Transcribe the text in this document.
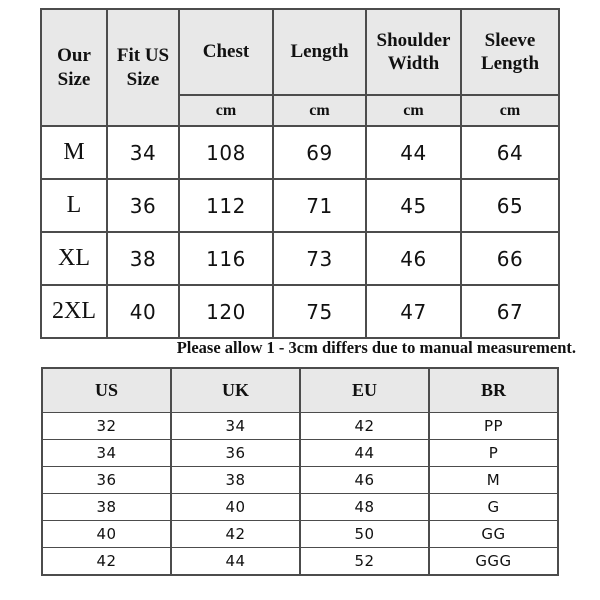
Our Size	Fit US Size	Chest	Length	Shoulder Width	Sleeve Length
		cm	cm	cm	cm
M	34	108	69	44	64
L	36	112	71	45	65
XL	38	116	73	46	66
2XL	40	120	75	47	67
Please allow 1 - 3cm differs due to manual measurement.
US	UK	EU	BR
32	34	42	PP
34	36	44	P
36	38	46	M
38	40	48	G
40	42	50	GG
42	44	52	GGG
